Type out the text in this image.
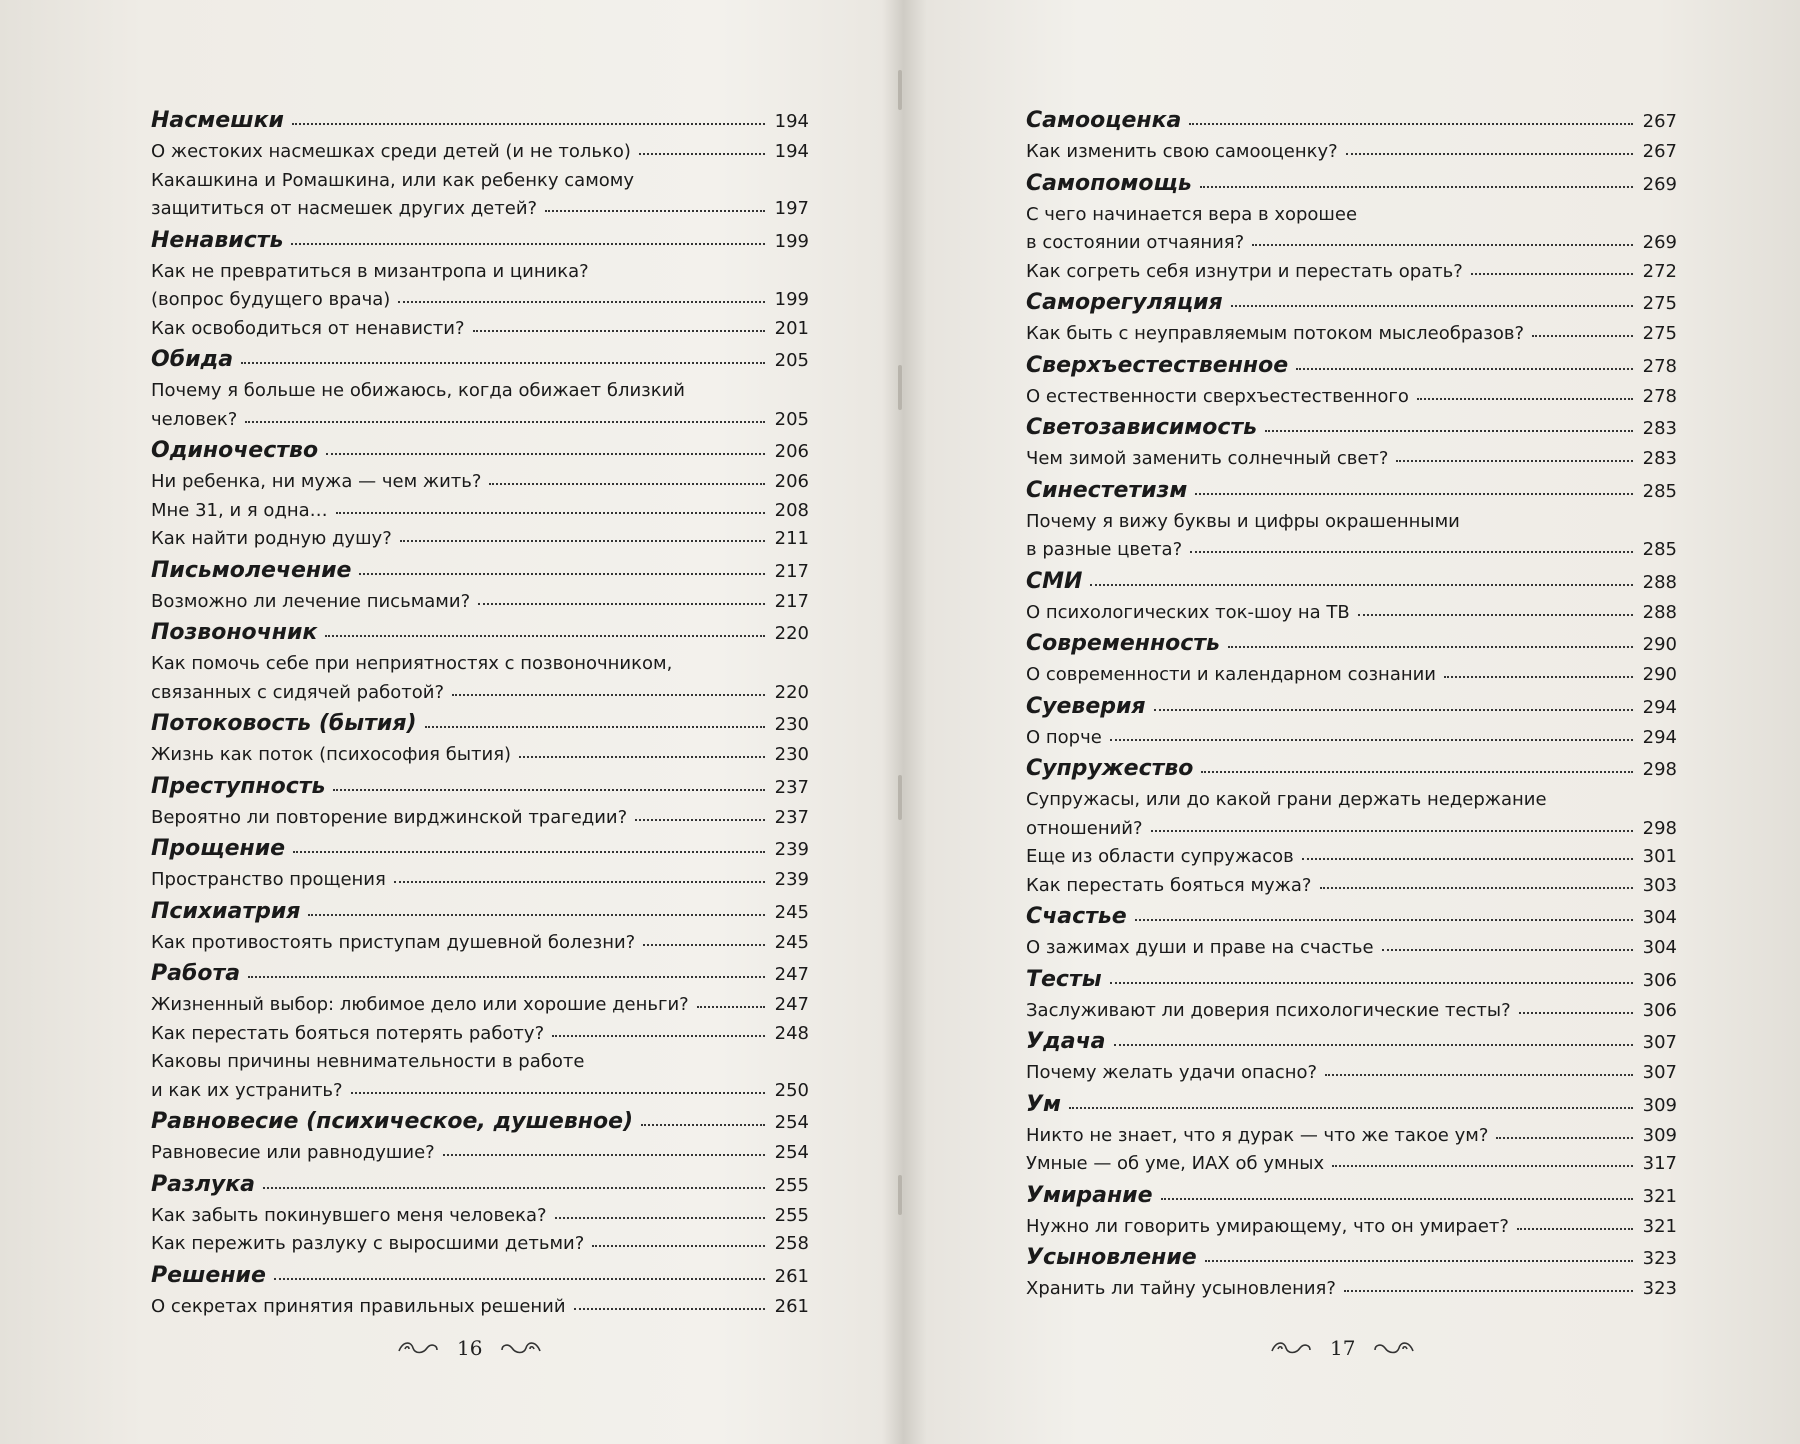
Насмешки	194
О жестоких насмешках среди детей (и не только)	194
Какашкина и Ромашкина, или как ребенку самому
защититься от насмешек других детей?	197
Ненависть	199
Как не превратиться в мизантропа и циника?
(вопрос будущего врача)	199
Как освободиться от ненависти?	201
Обида	205
Почему я больше не обижаюсь, когда обижает близкий
человек?	205
Одиночество	206
Ни ребенка, ни мужа — чем жить?	206
Мне 31, и я одна…	208
Как найти родную душу?	211
Письмолечение	217
Возможно ли лечение письмами?	217
Позвоночник	220
Как помочь себе при неприятностях с позвоночником,
связанных с сидячей работой?	220
Потоковость (бытия)	230
Жизнь как поток (психософия бытия)	230
Преступность	237
Вероятно ли повторение вирджинской трагедии?	237
Прощение	239
Пространство прощения	239
Психиатрия	245
Как противостоять приступам душевной болезни?	245
Работа	247
Жизненный выбор: любимое дело или хорошие деньги?	247
Как перестать бояться потерять работу?	248
Каковы причины невнимательности в работе
и как их устранить?	250
Равновесие (психическое, душевное)	254
Равновесие или равнодушие?	254
Разлука	255
Как забыть покинувшего меня человека?	255
Как пережить разлуку с выросшими детьми?	258
Решение	261
О секретах принятия правильных решений	261
16
Самооценка	267
Как изменить свою самооценку?	267
Самопомощь	269
С чего начинается вера в хорошее
в состоянии отчаяния?	269
Как согреть себя изнутри и перестать орать?	272
Саморегуляция	275
Как быть с неуправляемым потоком мыслеобразов?	275
Сверхъестественное	278
О естественности сверхъестественного	278
Светозависимость	283
Чем зимой заменить солнечный свет?	283
Синестетизм	285
Почему я вижу буквы и цифры окрашенными
в разные цвета?	285
СМИ	288
О психологических ток-шоу на ТВ	288
Современность	290
О современности и календарном сознании	290
Суеверия	294
О порче	294
Супружество	298
Супружасы, или до какой грани держать недержание
отношений?	298
Еще из области супружасов	301
Как перестать бояться мужа?	303
Счастье	304
О зажимах души и праве на счастье	304
Тесты	306
Заслуживают ли доверия психологические тесты?	306
Удача	307
Почему желать удачи опасно?	307
Ум	309
Никто не знает, что я дурак — что же такое ум?	309
Умные — об уме, ИАХ об умных	317
Умирание	321
Нужно ли говорить умирающему, что он умирает?	321
Усыновление	323
Хранить ли тайну усыновления?	323
17
